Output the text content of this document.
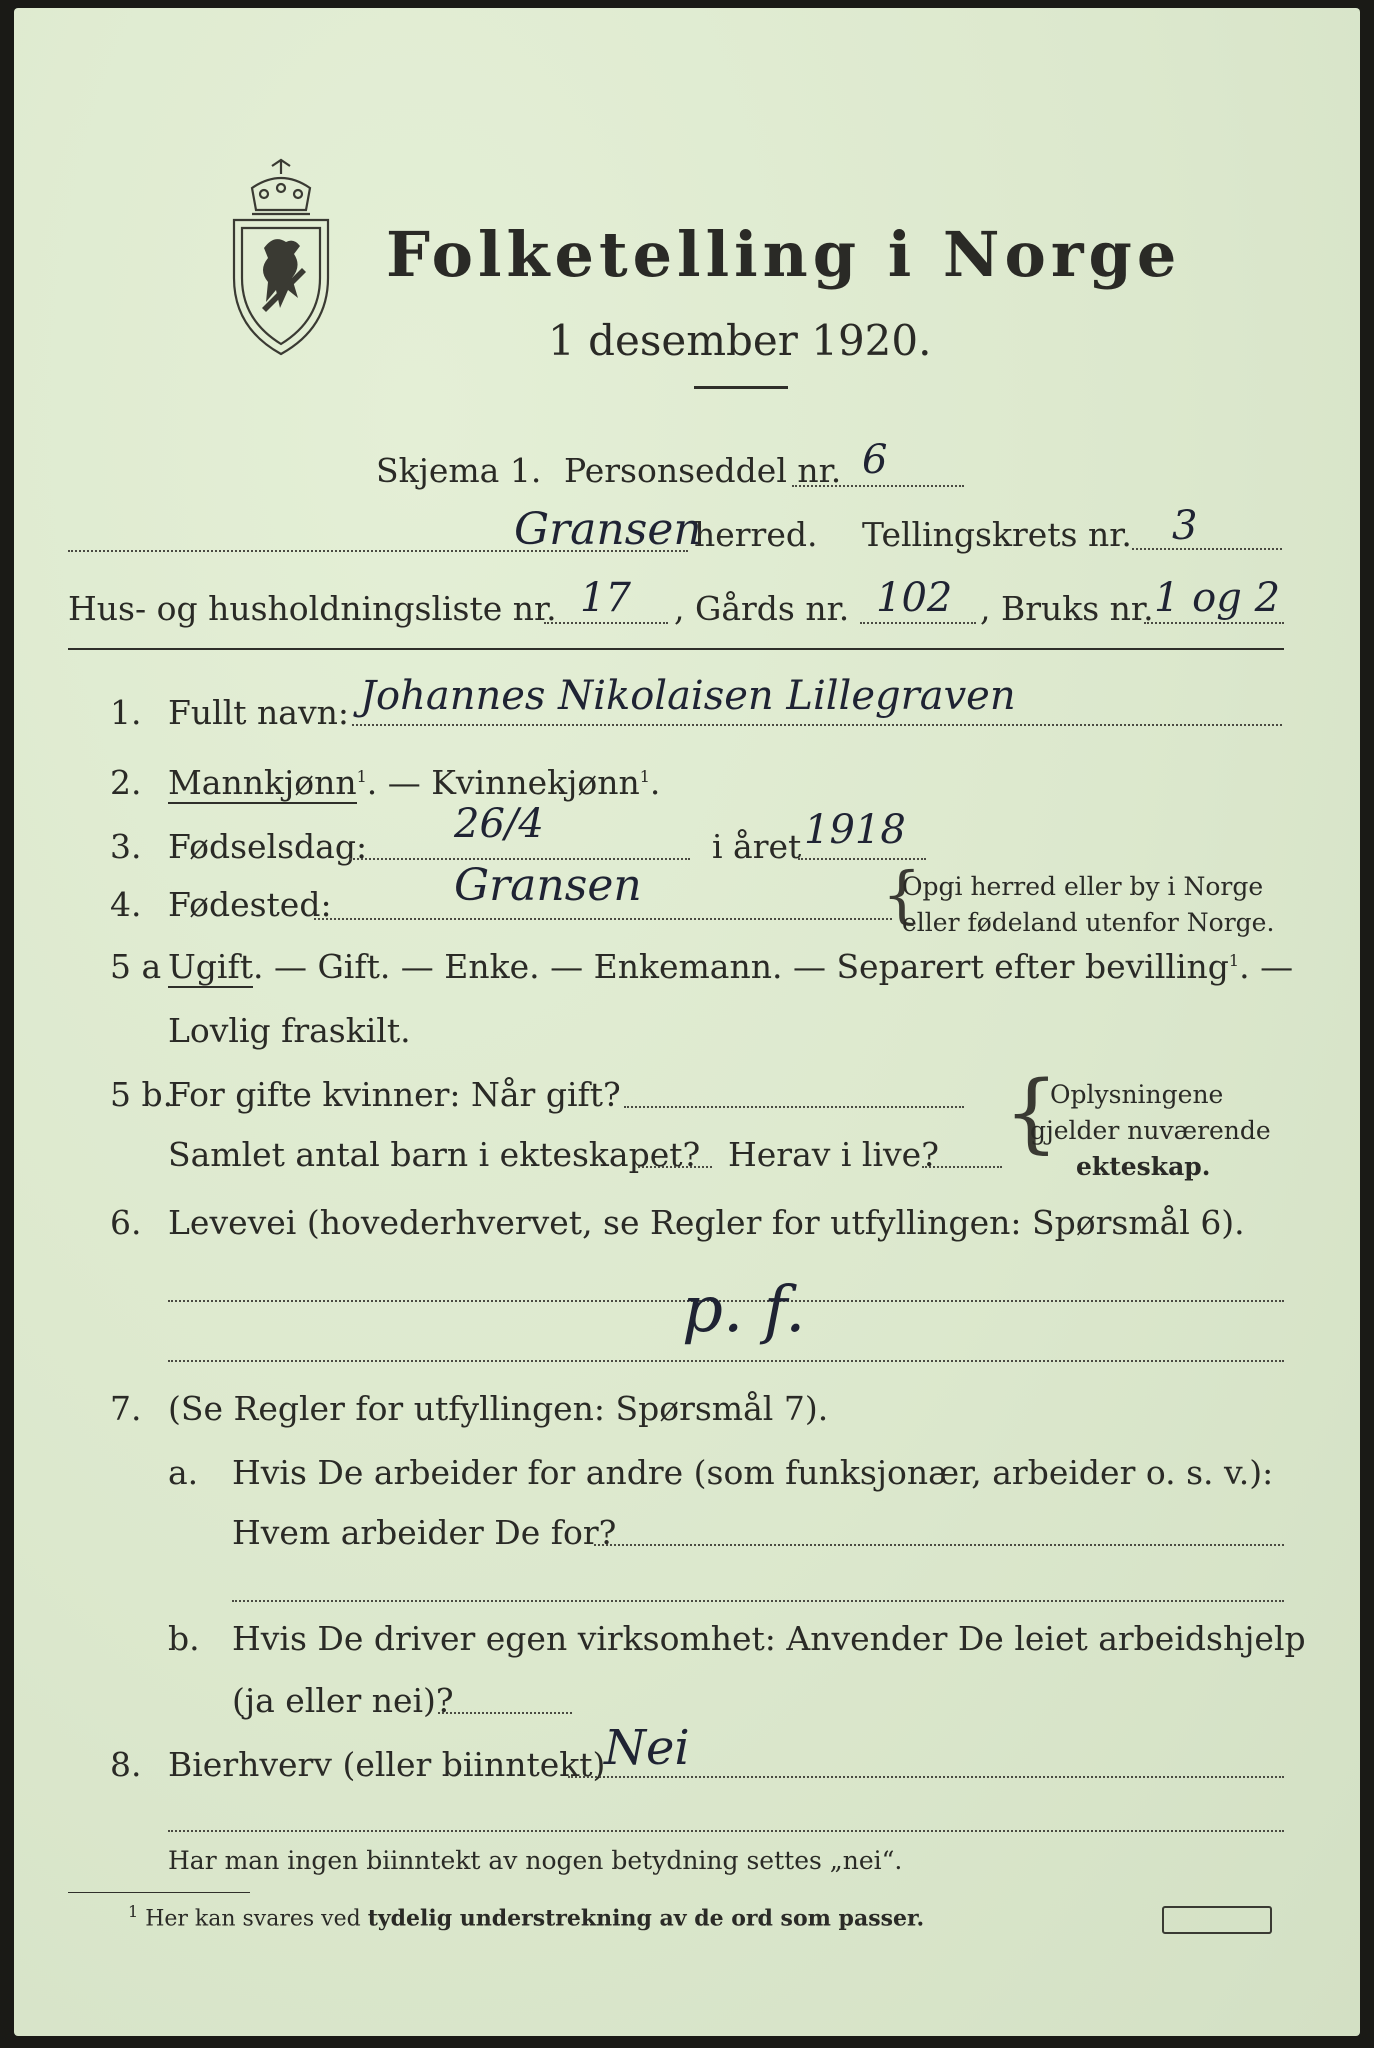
Folketelling i Norge
1 desember 1920.
Skjema 1. Personseddel nr. 6
Gransen
herred. Tellingskrets nr. 3
Hus- og husholdningsliste nr. 17 , Gårds nr. 102 , Bruks nr. 1 og 2
1. Fullt navn: Johannes Nikolaisen Lillegraven
2. Mannkjønn$^1$. — Kvinnekjønn$^1$.
3. Fødselsdag: 26/4	i året 1918
4. Fødested:	Gransen	{
Opgi herred eller by i Norge
eller fødeland utenfor Norge.
5 a Ugift. — Gift. — Enke. — Enkemann. — Separert efter bevilling$^1$. —
Lovlig fraskilt.
5 b.
For gifte kvinner: Når gift?
Samlet antal barn i ekteskapet? Herav i live? {
Oplysningene
gjelder nuværende
ekteskap.
6. Levevei (hovederhvervet, se Regler for utfyllingen: Spørsmål 6).
p. f.
7. (Se Regler for utfyllingen: Spørsmål 7).
a. Hvis De arbeider for andre (som funksjonær, arbeider o. s. v.):
Hvem arbeider De for?
b. Hvis De driver egen virksomhet: Anvender De leiet arbeidshjelp
(ja eller nei)?
8. Bierhverv (eller biinntekt)
Nei
Har man ingen biinntekt av nogen betydning settes „nei“.
$^1$ Her kan svares ved tydelig understrekning av de ord som passer.
